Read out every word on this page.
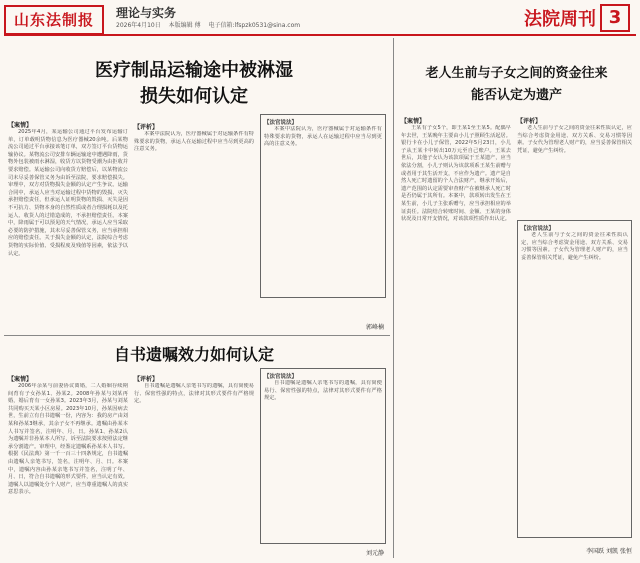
山东法制报	理论与实务
2026年4月10日 本版编辑 傅 电子信箱:lfspzk0531@sina.com	法院周刊 3
医疗制品运输途中被淋湿
损失如何认定
【案情】

2025年4月，某运输公司通过平台发布运输订单，订单载明货物信息为医疗器械20余吨。后某物流公司通过平台承接该笔订单，双方签订平台货物运输协议。某物流公司安排车辆运输途中遭遇降雨，货物外包装被雨水淋湿，收货方以货物受潮为由拒收并要求赔偿。某运输公司向收货方赔偿后，以某物流公司未尽妥善保管义务为由诉至法院，要求赔偿损失。审理中，双方对货物损失金额的认定产生争议。运输合同中，承运人应当对运输过程中货物的毁损、灭失承担赔偿责任，但承运人证明货物的毁损、灭失是因不可抗力、货物本身的自然性质或者合理损耗以及托运人、收货人的过错造成的，不承担赔偿责任。本案中，降雨属于可以预见的天气情况，承运人应当采取必要的防护措施，其未尽妥善保管义务，应当承担相应的赔偿责任。关于损失金额的认定，法院综合考虑货物的实际价值、受损程度及残值等因素，依法予以认定。

【评析】

本案中法院认为，医疗器械属于对运输条件有特殊要求的货物，承运人在运输过程中应当尽到更高的注意义务。

【法官说法】

本案中法院认为，医疗器械属于对运输条件有特殊要求的货物，承运人在运输过程中应当尽到更高的注意义务。

郭峰楠
自书遗嘱效力如何认定
【案情】

2006年余某与前妻协议离婚，二人婚姻存续期间育有子女孙某1、孙某2。2008年孙某与刘某再婚，婚后育有一女孙某3。2023年3月，孙某与刘某共同购买天某小区房屋。2023年10月，孙某因病去世，生前立有自书遗嘱一份，内容为：我的房产由刘某和孙某3继承，其余子女不再继承。遗嘱由孙某本人书写并签名，注明年、月、日。孙某1、孙某2认为遗嘱并非孙某本人所写，诉至法院要求按照法定继承分割遗产。审理中，经鉴定遗嘱系孙某本人书写。根据《民法典》第一千一百三十四条规定，自书遗嘱由遗嘱人亲笔书写，签名，注明年、月、日。本案中，遗嘱内容由孙某亲笔书写并签名，注明了年、月、日，符合自书遗嘱的形式要件，应当认定有效。遗嘱人以遗嘱处分个人财产，应当尊重遗嘱人的真实意思表示。

【评析】

自书遗嘱是遗嘱人亲笔书写的遗嘱，具有简便易行、保密性强的特点，法律对其形式要件有严格规定。

【法官说法】

自书遗嘱是遗嘱人亲笔书写的遗嘱，具有简便易行、保密性强的特点，法律对其形式要件有严格规定。

刘元静
老人生前与子女之间的资金往来
能否认定为遗产
【案情】

王某有子女5个，即王某1至王某5。配偶早年去世，王某晚年主要由小儿子照顾生活起居。银行卡在小儿子保管，2022年5月23日，小儿子从王某卡中转出10万元至自己账户。王某去世后，其他子女认为该款项属于王某遗产，应当依法分割，小儿子则认为该款项系王某生前赠与或者用于其生活开支，不应作为遗产。遗产是自然人死亡时遗留的个人合法财产。继承开始后，遗产范围的认定需要审查财产在被继承人死亡时是否仍属于其所有。本案中，款项转出发生在王某生前，小儿子主张系赠与，应当承担相应的举证责任。法院结合转账时间、金额、王某的身体状况及日常开支情况，对该款项性质作出认定。

【评析】

老人生前与子女之间的资金往来性质认定，应当综合考虑资金用途、双方关系、交易习惯等因素。子女代为管理老人财产的，应当妥善保管相关凭证，避免产生纠纷。

【法官说法】

老人生前与子女之间的资金往来性质认定，应当综合考虑资金用途、双方关系、交易习惯等因素。子女代为管理老人财产的，应当妥善保管相关凭证，避免产生纠纷。

李国跃 刘凯 张恒
